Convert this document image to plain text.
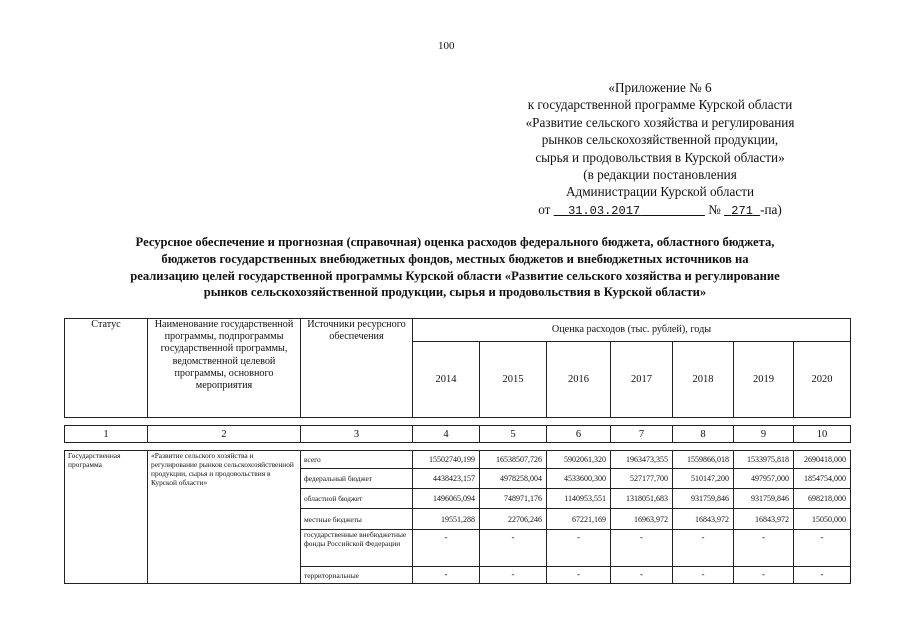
100
«Приложение № 6
к государственной программе Курской области
«Развитие сельского хозяйства и регулирования
рынков сельскохозяйственной продукции,
сырья и продовольствия в Курской области»
(в редакции постановления
Администрации Курской области
от 31.03.2017	№ 271 -па)
Ресурсное обеспечение и прогнозная (справочная) оценка расходов федерального бюджета, областного бюджета,
бюджетов государственных внебюджетных фондов, местных бюджетов и внебюджетных источников на
реализацию целей государственной программы Курской области «Развитие сельского хозяйства и регулирование
рынков сельскохозяйственной продукции, сырья и продовольствия в Курской области»
Статус	Наименование государственной программы, подпрограммы государственной программы, ведомственной целевой программы, основного мероприятия	Источники ресурсного обеспечения	Оценка расходов (тыс. рублей), годы						
			2014	2015	2016	2017	2018	2019	2020

1	2	3	4	5	6	7	8	9	10

Государственная программа	«Развитие сельского хозяйства и регулирование рынков сельскохозяйственной продукции, сырья и продовольствия в Курской области»	всего	15502740,199	16538507,726	5902061,320	1963473,355	1559866,018	1533975,818	2690418,000
		федеральный бюджет	4438423,157	4978258,004	4533600,300	527177,700	510147,200	497957,000	1854754,000
		областной бюджет	1496065,094	748971,176	1140953,551	1318051,683	931759,846	931759,846	698218,000
		местные бюджеты	19551,288	22706,246	67221,169	16963,972	16843,972	16843,972	15050,000
		государственные внебюджетные фонды Российской Федерации	-	-	-	-	-	-	-
		территориальные	-	-	-	-	-	-	-
